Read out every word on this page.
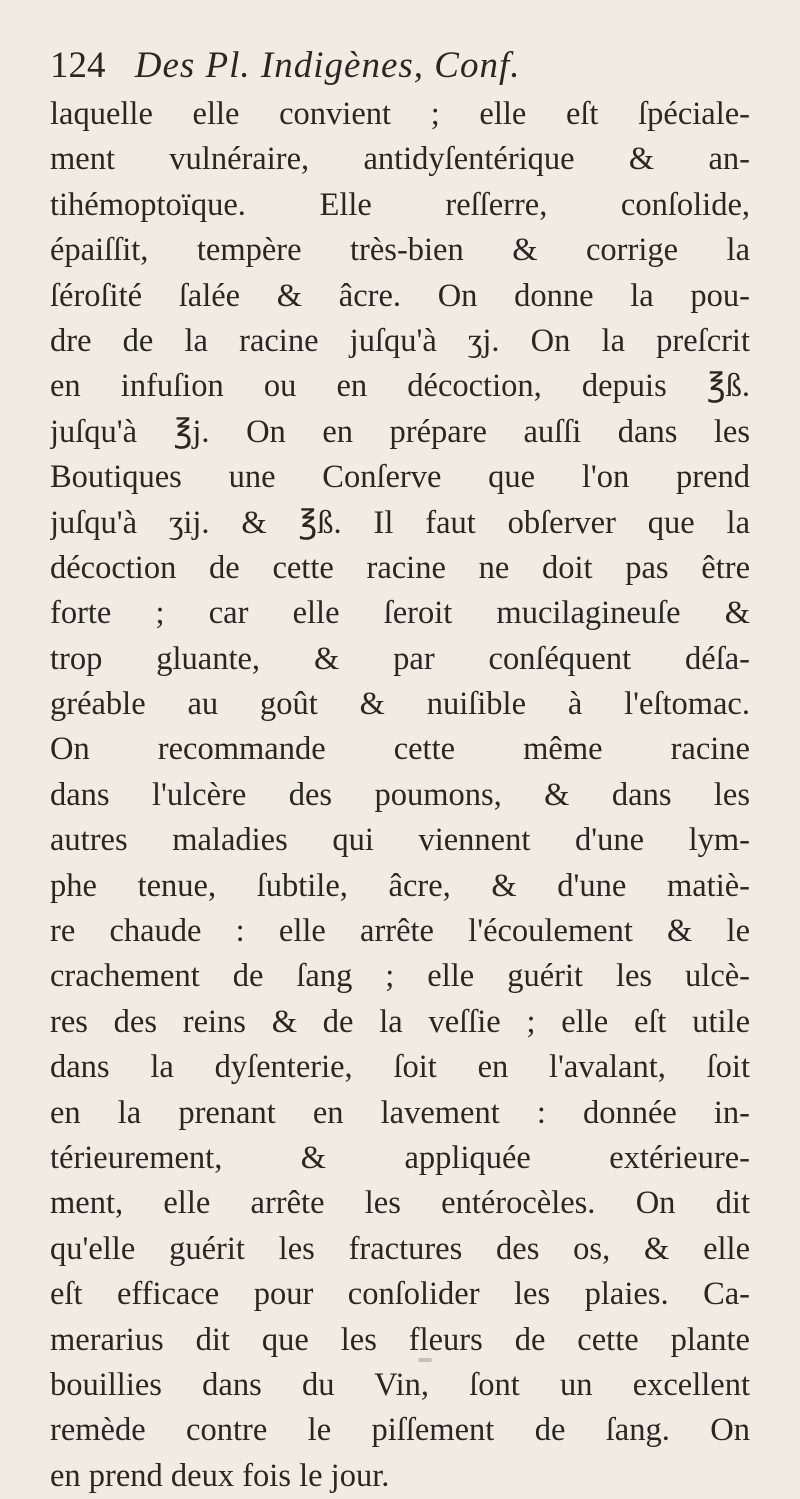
124 Des Pl. Indigènes, Conf.
laquelle elle convient ; elle eſt ſpéciale-
ment vulnéraire, antidyſentérique & an-
tihémoptoïque. Elle reſſerre, conſolide,
épaiſſit, tempère très-bien & corrige la
ſéroſité ſalée & âcre. On donne la pou-
dre de la racine juſqu'à ʒj. On la preſcrit
en infuſion ou en décoction, depuis ℥ß.
juſqu'à ℥j. On en prépare auſſi dans les
Boutiques une Conſerve que l'on prend
juſqu'à ʒij. & ℥ß. Il faut obſerver que la
décoction de cette racine ne doit pas être
forte ; car elle ſeroit mucilagineuſe &
trop gluante, & par conſéquent déſa-
gréable au goût & nuiſible à l'eſtomac.
On recommande cette même racine
dans l'ulcère des poumons, & dans les
autres maladies qui viennent d'une lym-
phe tenue, ſubtile, âcre, & d'une matiè-
re chaude : elle arrête l'écoulement & le
crachement de ſang ; elle guérit les ulcè-
res des reins & de la veſſie ; elle eſt utile
dans la dyſenterie, ſoit en l'avalant, ſoit
en la prenant en lavement : donnée in-
térieurement, & appliquée extérieure-
ment, elle arrête les entérocèles. On dit
qu'elle guérit les fractures des os, & elle
eſt efficace pour conſolider les plaies. Ca-
merarius dit que les fleurs de cette plante
bouillies dans du Vin, ſont un excellent
remède contre le piſſement de ſang. On
en prend deux fois le jour.
